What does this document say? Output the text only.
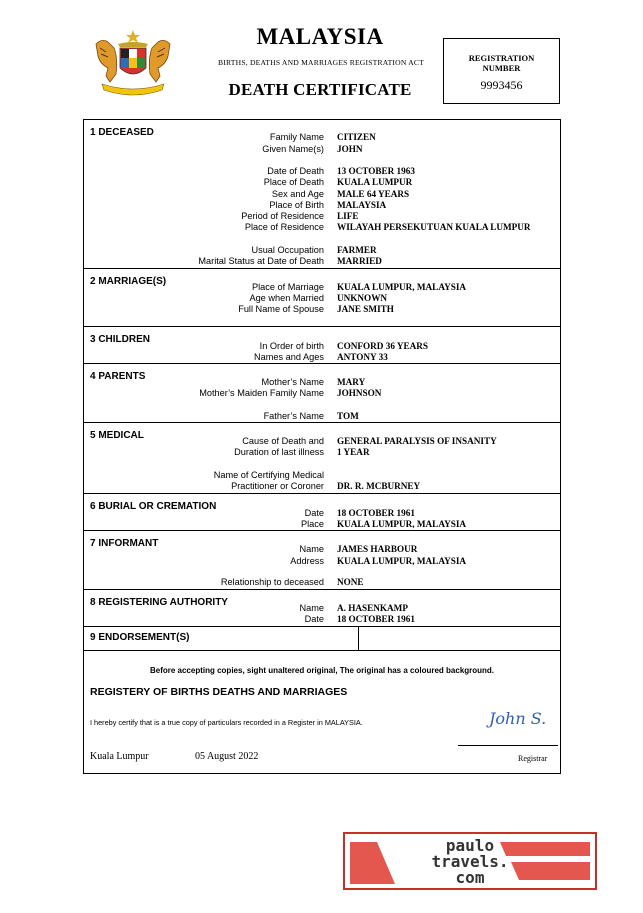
MALAYSIA
BIRTHS, DEATHS AND MARRIAGES REGISTRATION ACT
DEATH CERTIFICATE
REGISTRATION NUMBER
9993456
1 DECEASED	Family Name CITIZEN
Given Name(s) JOHN
Date of Death 13 OCTOBER 1963
Place of Death KUALA LUMPUR
Sex and Age MALE 64 YEARS
Place of Birth MALAYSIA
Period of Residence LIFE
Place of Residence WILAYAH PERSEKUTUAN KUALA LUMPUR
Usual Occupation FARMER
Marital Status at Date of Death MARRIED
2 MARRIAGE(S)	Place of Marriage KUALA LUMPUR, MALAYSIA
Age when Married UNKNOWN
Full Name of Spouse JANE SMITH
3 CHILDREN
In Order of birth CONFORD 36 YEARS
Names and Ages ANTONY 33
4 PARENTS	Mother’s Name MARY
Mother’s Maiden Family Name JOHNSON
Father’s Name TOM
5 MEDICAL	Cause of Death and GENERAL PARALYSIS OF INSANITY
Duration of last illness 1 YEAR
Name of Certifying Medical
Practitioner or Coroner DR. R. MCBURNEY
6 BURIAL OR CREMATION
Date 18 OCTOBER 1961
Place KUALA LUMPUR, MALAYSIA
7 INFORMANT	Name JAMES HARBOUR
Address KUALA LUMPUR, MALAYSIA
Relationship to deceased NONE
8 REGISTERING AUTHORITY	Name A. HASENKAMP
Date 18 OCTOBER 1961
9 ENDORSEMENT(S)
Before accepting copies, sight unaltered original, The original has a coloured background.
REGISTERY OF BIRTHS DEATHS AND MARRIAGES
I hereby certify that is a true copy of particulars recorded in a Register in MALAYSIA.	John S.
Kuala Lumpur	05 August 2022	Registrar
paulo
travels.
com
